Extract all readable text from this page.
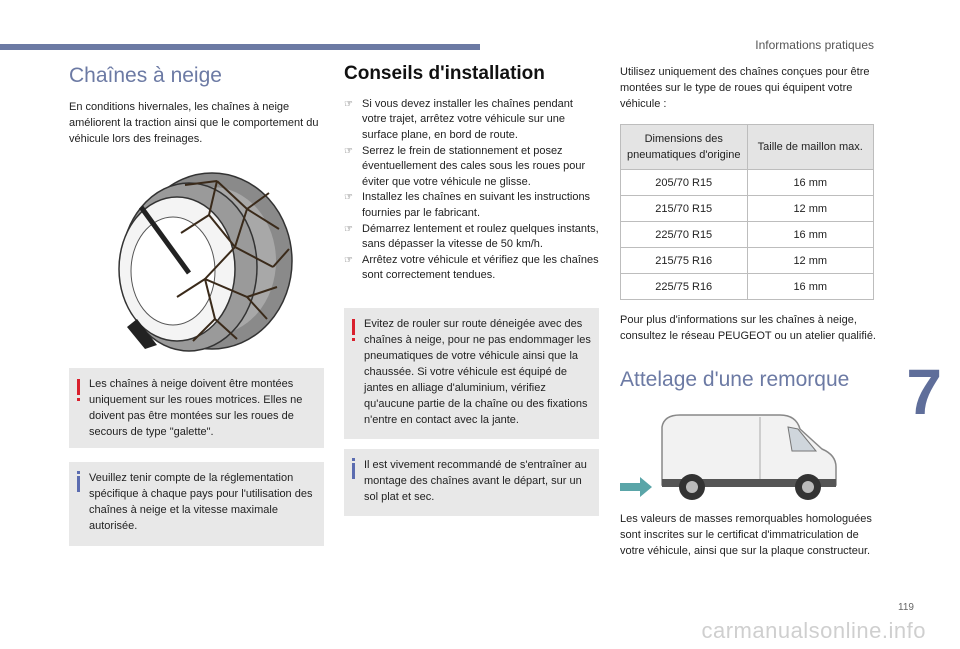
Informations pratiques
Chaînes à neige

En conditions hivernales, les chaînes à neige améliorent la traction ainsi que le comportement du véhicule lors des freinages.

Les chaînes à neige doivent être montées uniquement sur les roues motrices. Elles ne doivent pas être montées sur les roues de secours de type "galette".
Veuillez tenir compte de la réglementation spécifique à chaque pays pour l'utilisation des chaînes à neige et la vitesse maximale autorisée.
Conseils d'installation
☞ Si vous devez installer les chaînes pendant votre trajet, arrêtez votre véhicule sur une surface plane, en bord de route.
☞ Serrez le frein de stationnement et posez éventuellement des cales sous les roues pour éviter que votre véhicule ne glisse.
☞ Installez les chaînes en suivant les instructions fournies par le fabricant.
☞ Démarrez lentement et roulez quelques instants, sans dépasser la vitesse de 50 km/h.
☞ Arrêtez votre véhicule et vérifiez que les chaînes sont correctement tendues.
Evitez de rouler sur route déneigée avec des chaînes à neige, pour ne pas endommager les pneumatiques de votre véhicule ainsi que la chaussée. Si votre véhicule est équipé de jantes en alliage d'aluminium, vérifiez qu'aucune partie de la chaîne ou des fixations n'entre en contact avec la jante.
Il est vivement recommandé de s'entraîner au montage des chaînes avant le départ, sur un sol plat et sec.

Utilisez uniquement des chaînes conçues pour être montées sur le type de roues qui équipent votre véhicule :

Dimensions des pneumatiques d'origine	Taille de maillon max.
205/70 R15	16 mm
215/70 R15	12 mm
225/70 R15	16 mm
215/75 R16	12 mm
225/75 R16	16 mm

Pour plus d'informations sur les chaînes à neige, consultez le réseau PEUGEOT ou un atelier qualifié.

Attelage d'une remorque

Les valeurs de masses remorquables homologuées sont inscrites sur le certificat d'immatriculation de votre véhicule, ainsi que sur la plaque constructeur.

7
119
carmanualsonline.info
